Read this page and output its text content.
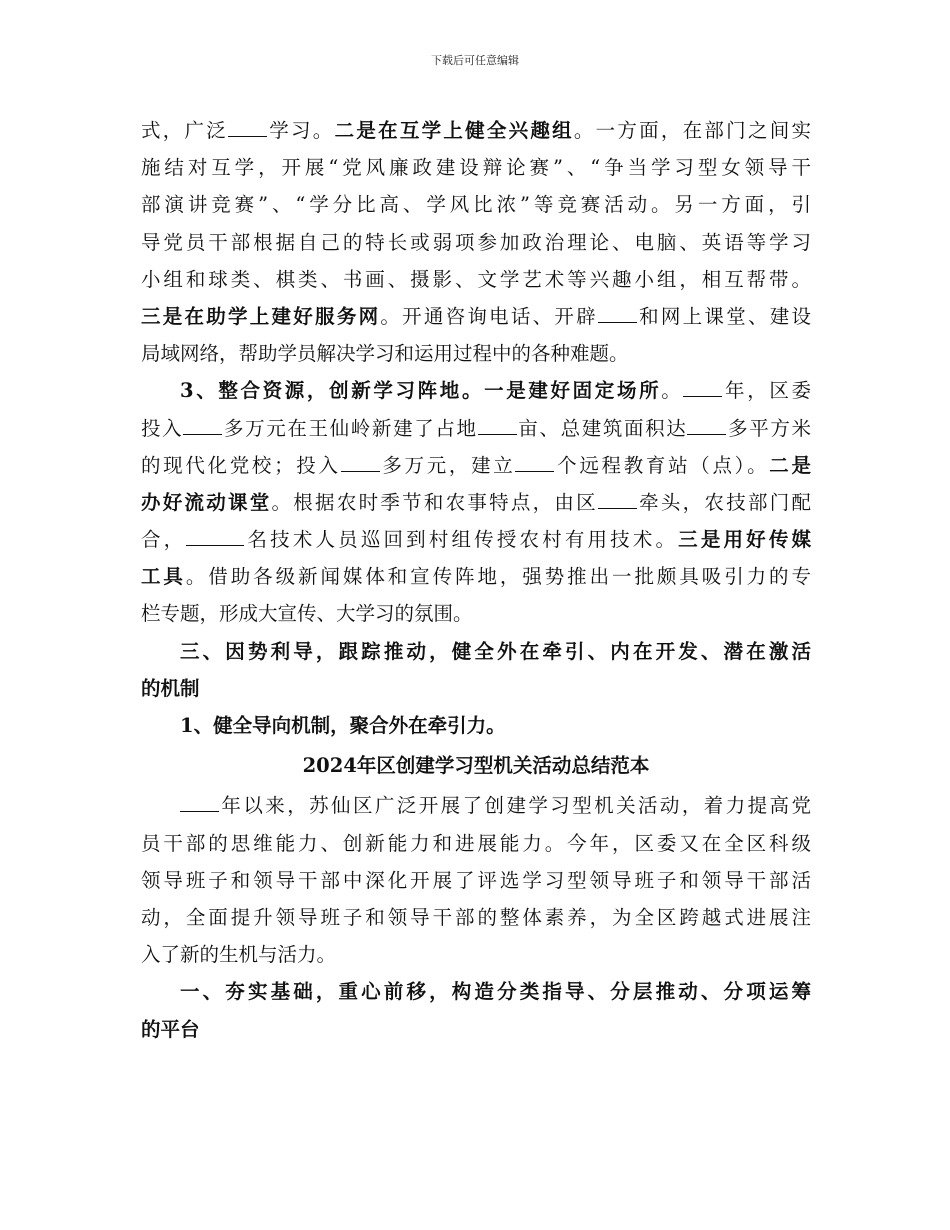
下载后可任意编辑
式，广泛 学习。二是在互学上健全兴趣组。一方面，在部门之间实
施结对互学，开展“党风廉政建设辩论赛”、“争当学习型女领导干
部演讲竞赛”、“学分比高、学风比浓”等竞赛活动。另一方面，引
导党员干部根据自己的特长或弱项参加政治理论、电脑、英语等学习
小组和球类、棋类、书画、摄影、文学艺术等兴趣小组，相互帮带。
三是在助学上建好服务网。开通咨询电话、开辟 和网上课堂、建设
局域网络，帮助学员解决学习和运用过程中的各种难题。
3、整合资源，创新学习阵地。一是建好固定场所。 年，区委
投入 多万元在王仙岭新建了占地 亩、总建筑面积达 多平方米
的现代化党校；投入 多万元，建立 个远程教育站（点）。二是
办好流动课堂。根据农时季节和农事特点，由区 牵头，农技部门配
合，	名技术人员巡回到村组传授农村有用技术。三是用好传媒
工具。借助各级新闻媒体和宣传阵地，强势推出一批颇具吸引力的专
栏专题，形成大宣传、大学习的氛围。
三、因势利导，跟踪推动，健全外在牵引、内在开发、潜在激活
的机制
1、健全导向机制，聚合外在牵引力。
2024年区创建学习型机关活动总结范本
年以来，苏仙区广泛开展了创建学习型机关活动，着力提高党
员干部的思维能力、创新能力和进展能力。今年，区委又在全区科级
领导班子和领导干部中深化开展了评选学习型领导班子和领导干部活
动，全面提升领导班子和领导干部的整体素养，为全区跨越式进展注
入了新的生机与活力。
一、夯实基础，重心前移，构造分类指导、分层推动、分项运筹
的平台
